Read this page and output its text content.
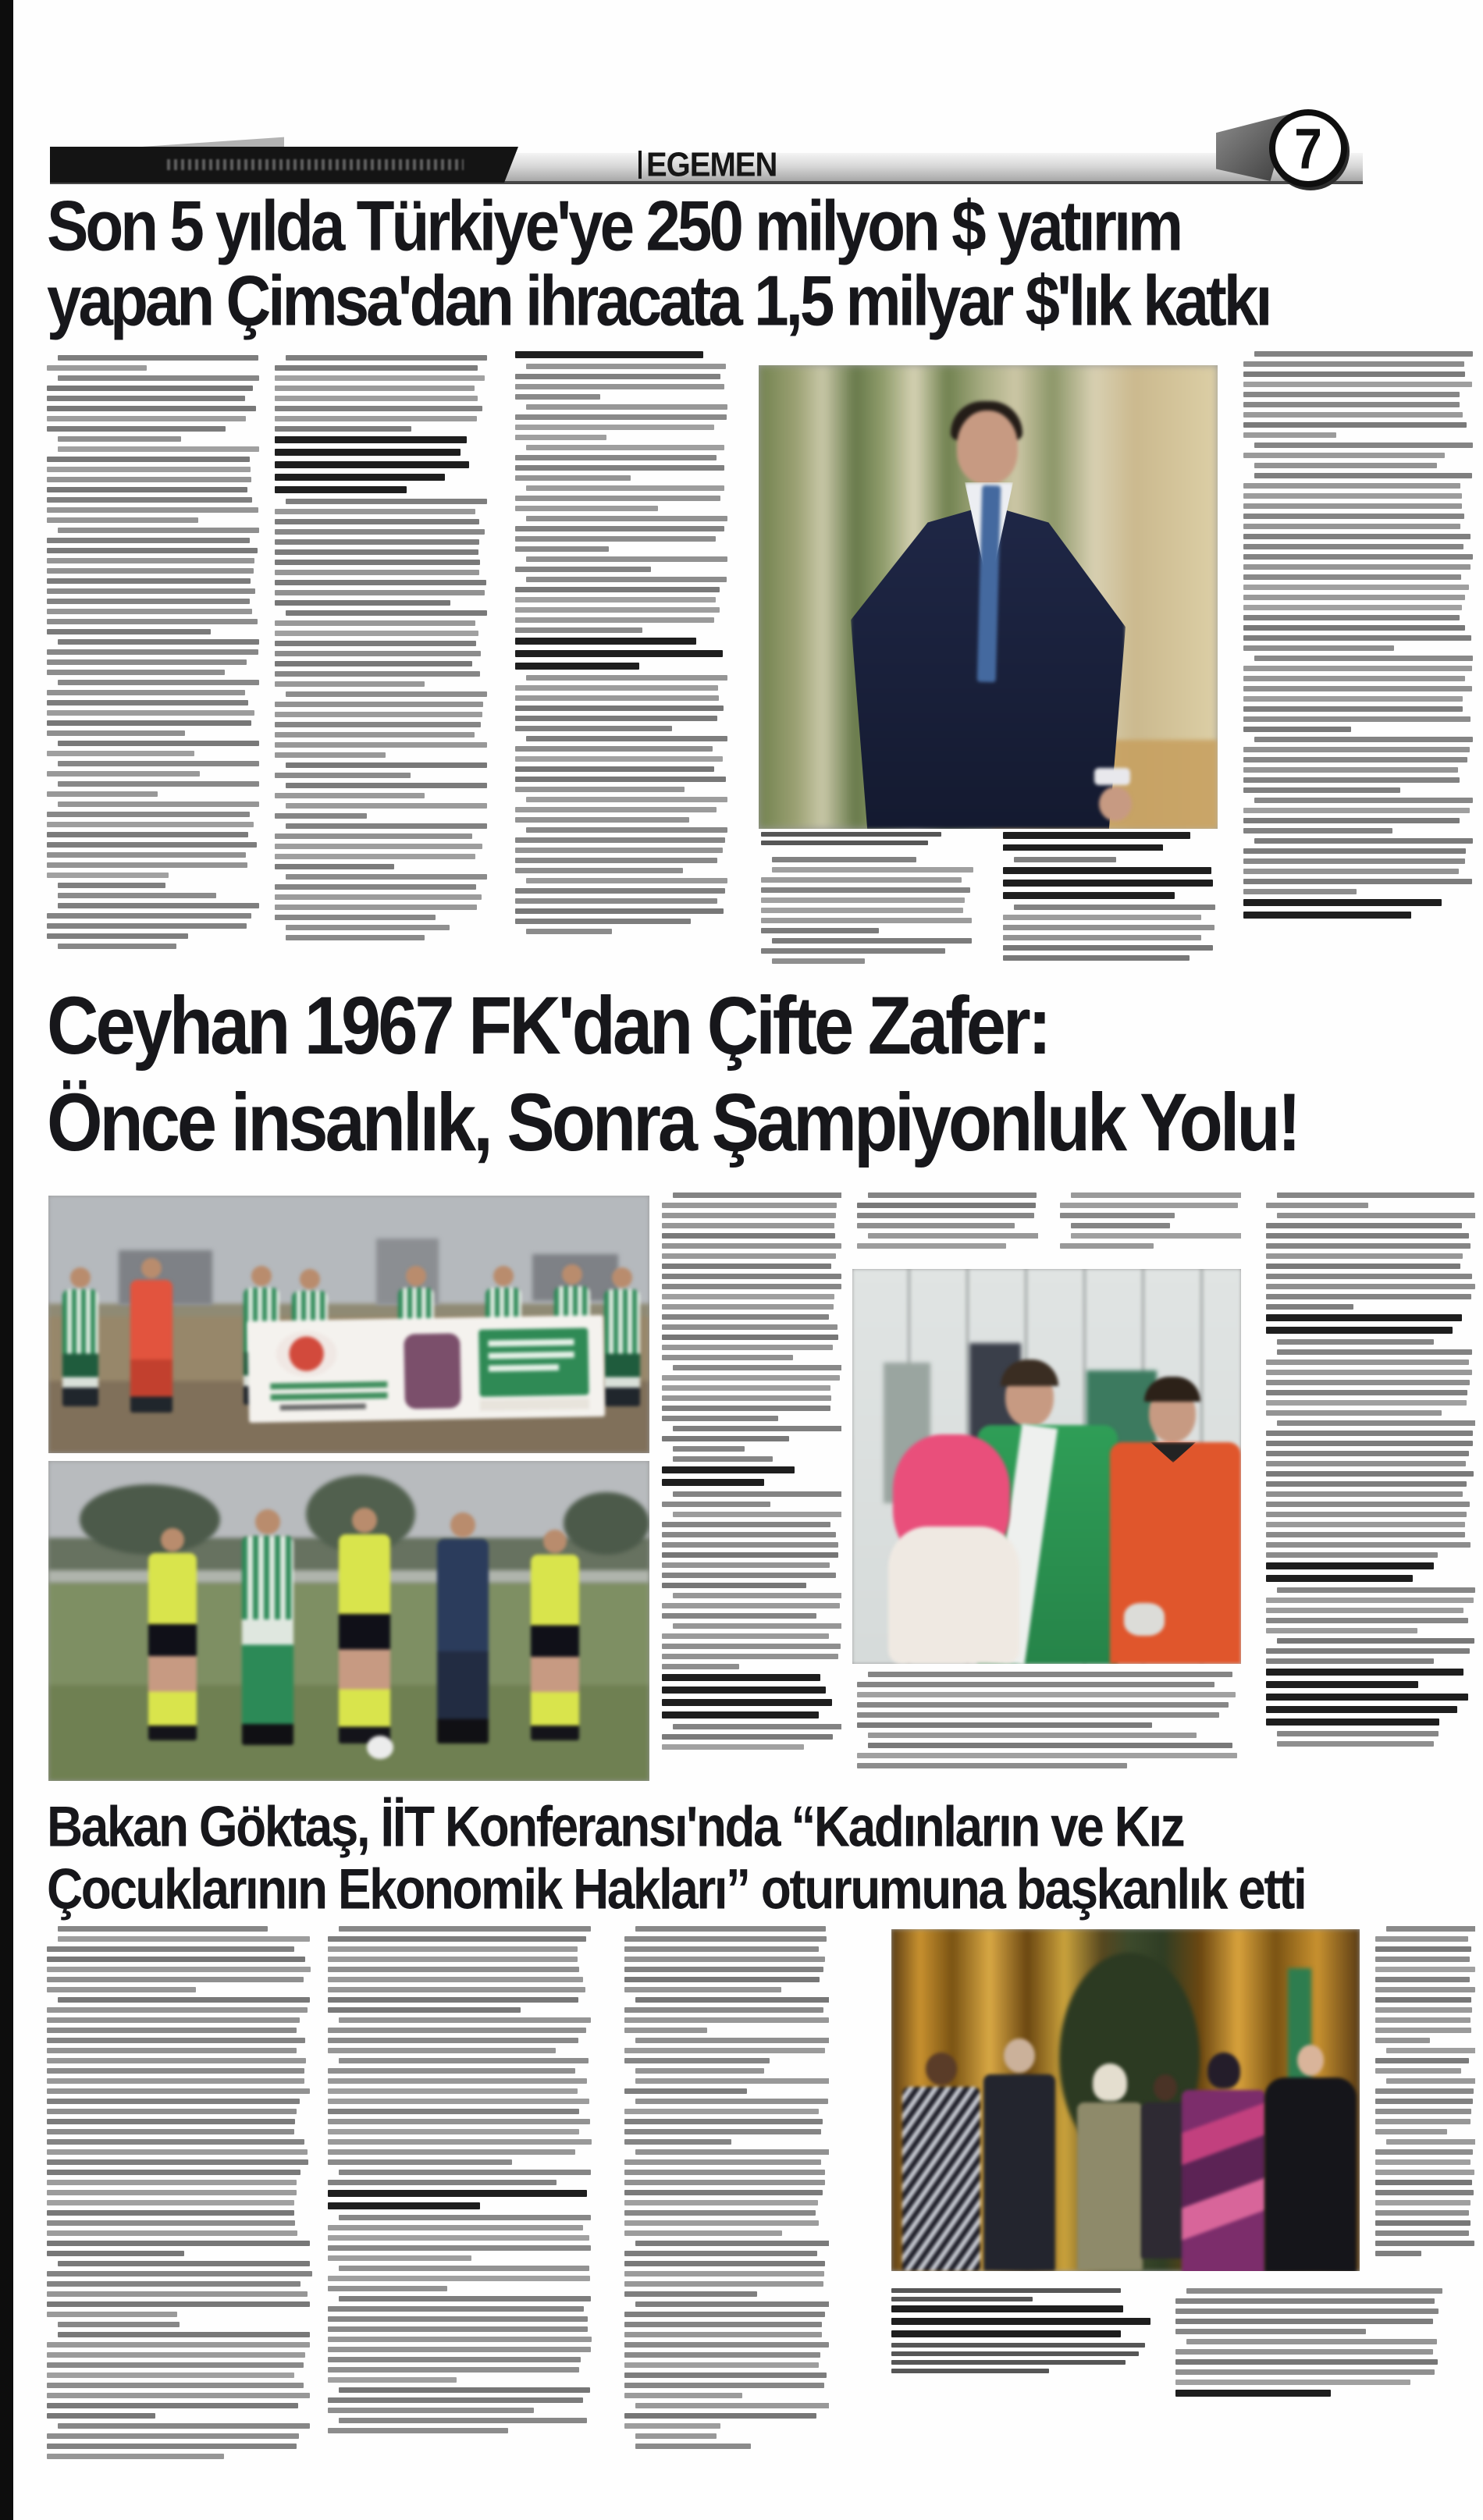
EGEMEN	7
Son 5 yılda Türkiye'ye 250 milyon $ yatırım
yapan Çimsa'dan ihracata 1,5 milyar $'lık katkı
Ceyhan 1967 FK'dan Çifte Zafer:
Önce insanlık, Sonra Şampiyonluk Yolu!
Bakan Göktaş, İİT Konferansı'nda “Kadınların ve Kız
Çocuklarının Ekonomik Hakları” oturumuna başkanlık etti
